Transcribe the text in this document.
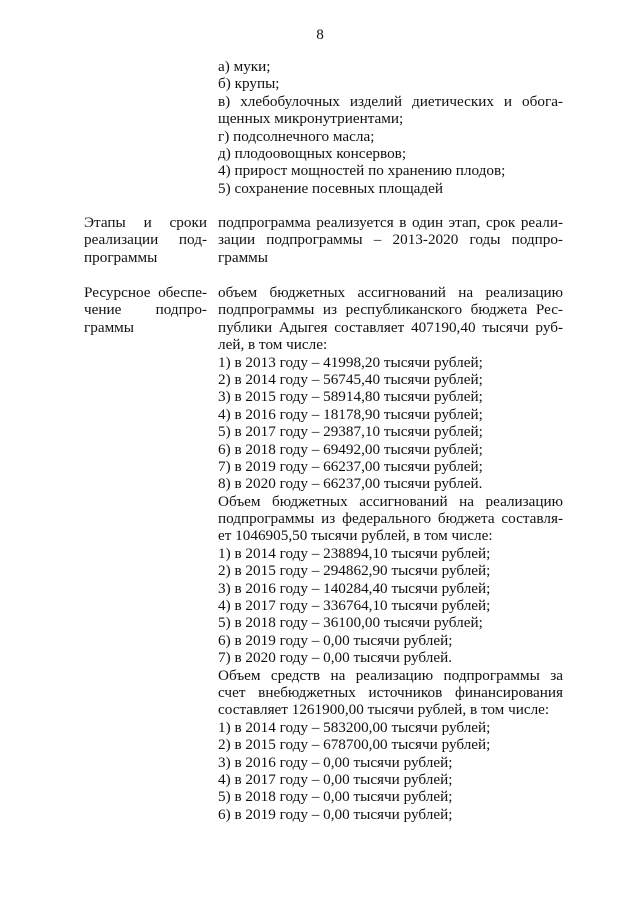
8
а) муки;
б) крупы;
в) хлебобулочных изделий диетических и обога-
щенных микронутриентами;
г) подсолнечного масла;
д) плодоовощных консервов;
4) прирост мощностей по хранению плодов;
5) сохранение посевных площадей
Этапы и сроки
реализации под-
программы
подпрограмма реализуется в один этап, срок реали-
зации подпрограммы – 2013-2020 годы подпро-
граммы
Ресурсное обеспе-
чение подпро-
граммы
объем бюджетных ассигнований на реализацию
подпрограммы из республиканского бюджета Рес-
публики Адыгея составляет 407190,40 тысячи руб-
лей, в том числе:
1) в 2013 году – 41998,20 тысячи рублей;
2) в 2014 году – 56745,40 тысячи рублей;
3) в 2015 году – 58914,80 тысячи рублей;
4) в 2016 году – 18178,90 тысячи рублей;
5) в 2017 году – 29387,10 тысячи рублей;
6) в 2018 году – 69492,00 тысячи рублей;
7) в 2019 году – 66237,00 тысячи рублей;
8) в 2020 году – 66237,00 тысячи рублей.
Объем бюджетных ассигнований на реализацию
подпрограммы из федерального бюджета составля-
ет 1046905,50 тысячи рублей, в том числе:
1) в 2014 году – 238894,10 тысячи рублей;
2) в 2015 году – 294862,90 тысячи рублей;
3) в 2016 году – 140284,40 тысячи рублей;
4) в 2017 году – 336764,10 тысячи рублей;
5) в 2018 году – 36100,00 тысячи рублей;
6) в 2019 году – 0,00 тысячи рублей;
7) в 2020 году – 0,00 тысячи рублей.
Объем средств на реализацию подпрограммы за
счет внебюджетных источников финансирования
составляет 1261900,00 тысячи рублей, в том числе:
1) в 2014 году – 583200,00 тысячи рублей;
2) в 2015 году – 678700,00 тысячи рублей;
3) в 2016 году – 0,00 тысячи рублей;
4) в 2017 году – 0,00 тысячи рублей;
5) в 2018 году – 0,00 тысячи рублей;
6) в 2019 году – 0,00 тысячи рублей;
